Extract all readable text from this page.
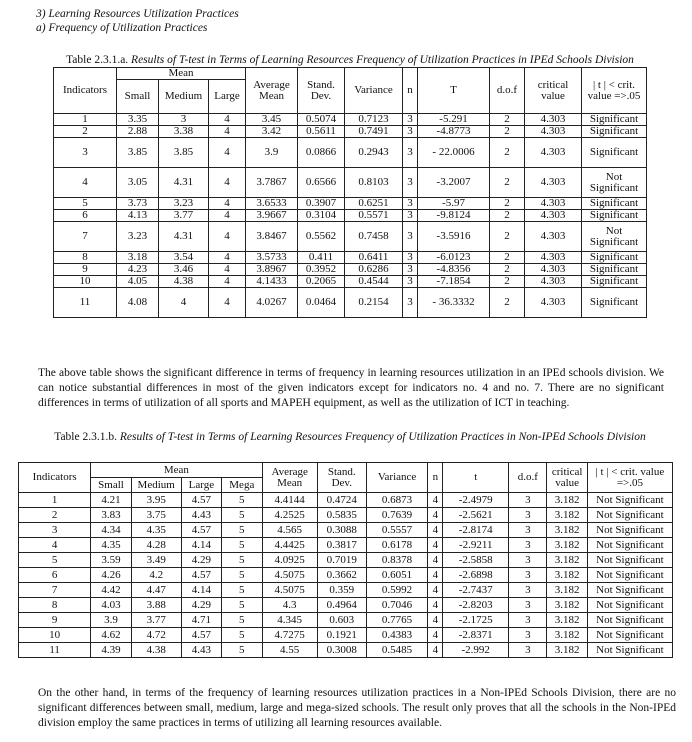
3) Learning Resources Utilization Practices
a) Frequency of Utilization Practices
Table 2.3.1.a. Results of T-test in Terms of Learning Resources Frequency of Utilization Practices in IPEd Schools Division
Indicators	Mean			Average Mean	Stand. Dev.	Variance	n	T	d.o.f	critical value	| t | < crit. value =>.05
	Small	Medium	Large								
1	3.35	3	4	3.45	0.5074	0.7123	3	-5.291	2	4.303	Significant
2	2.88	3.38	4	3.42	0.5611	0.7491	3	-4.8773	2	4.303	Significant
3	3.85	3.85	4	3.9	0.0866	0.2943	3	- 22.0006	2	4.303	Significant
4	3.05	4.31	4	3.7867	0.6566	0.8103	3	-3.2007	2	4.303	Not Significant
5	3.73	3.23	4	3.6533	0.3907	0.6251	3	-5.97	2	4.303	Significant
6	4.13	3.77	4	3.9667	0.3104	0.5571	3	-9.8124	2	4.303	Significant
7	3.23	4.31	4	3.8467	0.5562	0.7458	3	-3.5916	2	4.303	Not Significant
8	3.18	3.54	4	3.5733	0.411	0.6411	3	-6.0123	2	4.303	Significant
9	4.23	3.46	4	3.8967	0.3952	0.6286	3	-4.8356	2	4.303	Significant
10	4.05	4.38	4	4.1433	0.2065	0.4544	3	-7.1854	2	4.303	Significant
11	4.08	4	4	4.0267	0.0464	0.2154	3	- 36.3332	2	4.303	Significant
The above table shows the significant difference in terms of frequency in learning resources utilization in an IPEd schools division. We can notice substantial differences in most of the given indicators except for indicators no. 4 and no. 7. There are no significant differences in terms of utilization of all sports and MAPEH equipment, as well as the utilization of ICT in teaching.
Table 2.3.1.b. Results of T-test in Terms of Learning Resources Frequency of Utilization Practices in Non-IPEd Schools Division
Indicators	Mean				Average Mean	Stand. Dev.	Variance	n	t	d.o.f	critical value	| t | < crit. value =>.05
	Small	Medium	Large	Mega								
1	4.21	3.95	4.57	5	4.4144	0.4724	0.6873	4	-2.4979	3	3.182	Not Significant
2	3.83	3.75	4.43	5	4.2525	0.5835	0.7639	4	-2.5621	3	3.182	Not Significant
3	4.34	4.35	4.57	5	4.565	0.3088	0.5557	4	-2.8174	3	3.182	Not Significant
4	4.35	4.28	4.14	5	4.4425	0.3817	0.6178	4	-2.9211	3	3.182	Not Significant
5	3.59	3.49	4.29	5	4.0925	0.7019	0.8378	4	-2.5858	3	3.182	Not Significant
6	4.26	4.2	4.57	5	4.5075	0.3662	0.6051	4	-2.6898	3	3.182	Not Significant
7	4.42	4.47	4.14	5	4.5075	0.359	0.5992	4	-2.7437	3	3.182	Not Significant
8	4.03	3.88	4.29	5	4.3	0.4964	0.7046	4	-2.8203	3	3.182	Not Significant
9	3.9	3.77	4.71	5	4.345	0.603	0.7765	4	-2.1725	3	3.182	Not Significant
10	4.62	4.72	4.57	5	4.7275	0.1921	0.4383	4	-2.8371	3	3.182	Not Significant
11	4.39	4.38	4.43	5	4.55	0.3008	0.5485	4	-2.992	3	3.182	Not Significant
On the other hand, in terms of the frequency of learning resources utilization practices in a Non-IPEd Schools Division, there are no significant differences between small, medium, large and mega-sized schools. The result only proves that all the schools in the Non-IPEd division employ the same practices in terms of utilizing all learning resources available.
